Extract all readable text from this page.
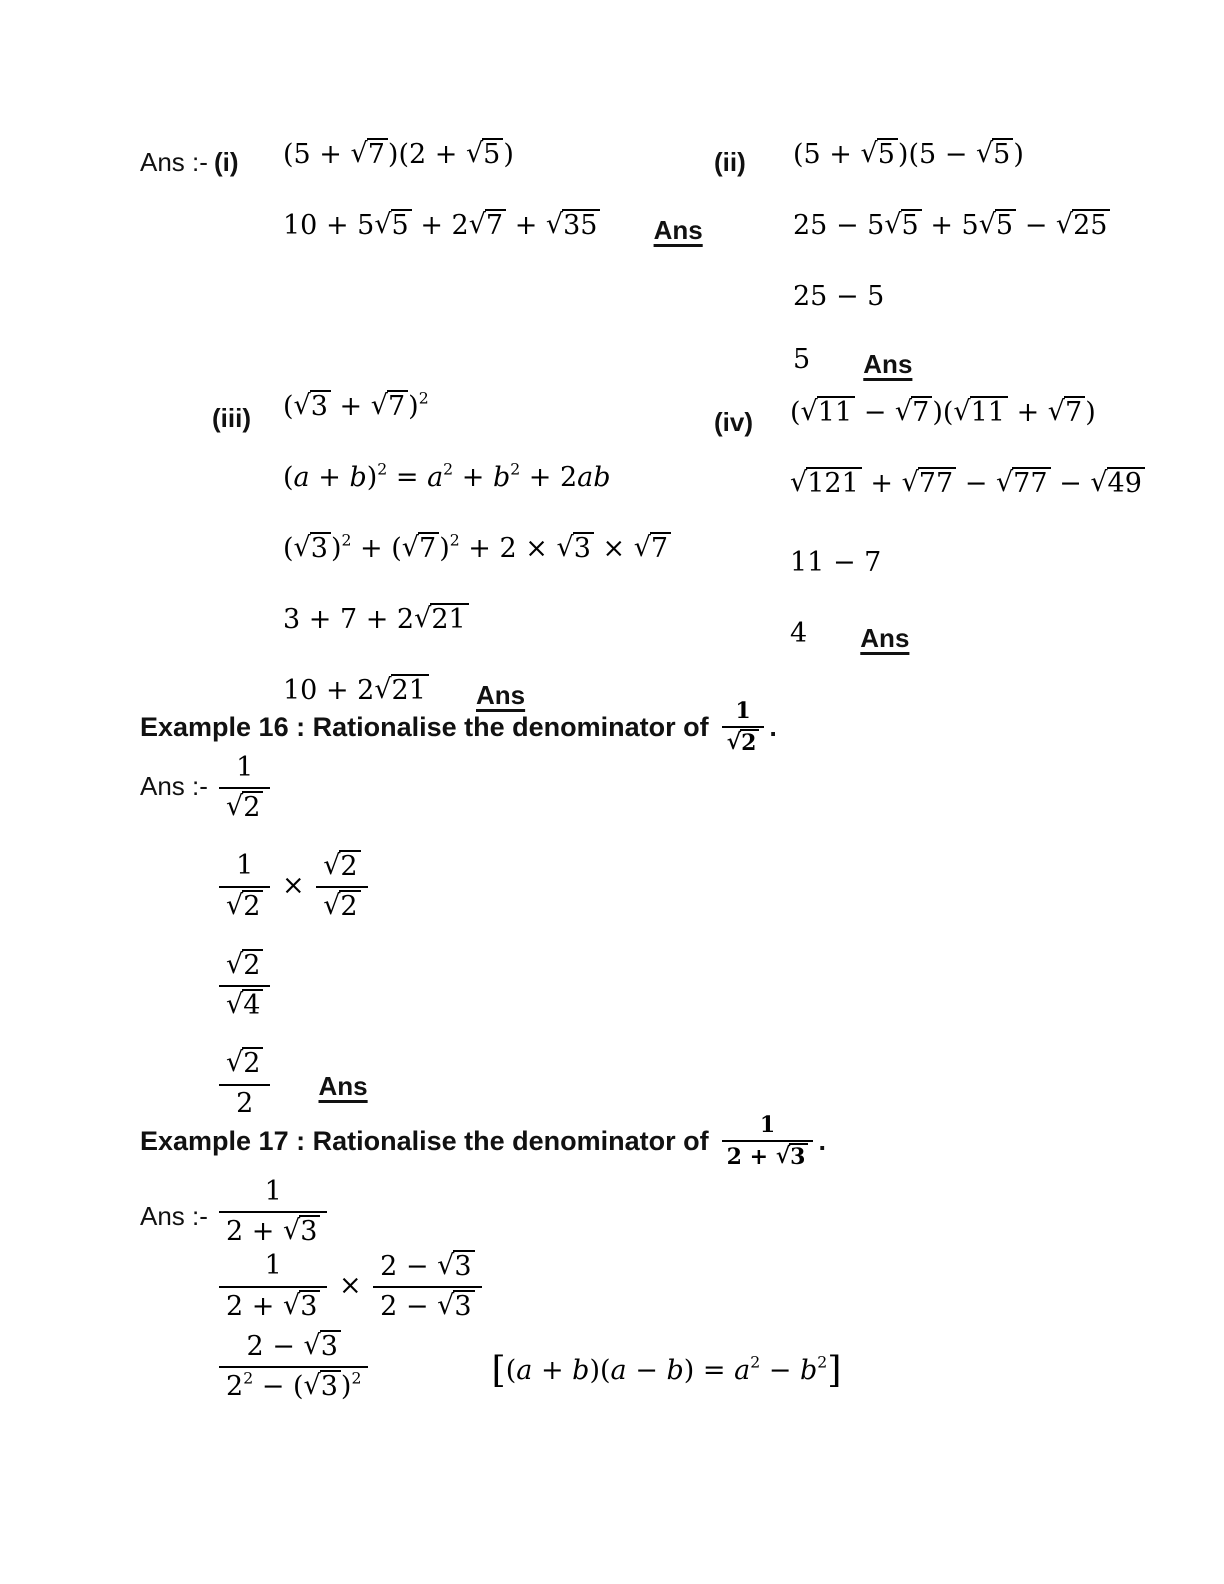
Ans :- (i) (5 + √7 )(2 + √5 )
10 + 5√5 + 2√7 + √35 Ans
(ii) (5 + √5 )(5 − √5 )
25 − 5√5 + 5√5 − √25
25 − 5
5 Ans
(iii) (√3 + √7 )$^2$
$(a + b)^2 = a^2 + b^2 + 2ab$
(√3 )$^2$ + (√7 )$^2$ + 2 × √3 × √7
3 + 7 + 2√21
10 + 2√21 Ans
(iv) (√11 − √7 )(√11 + √7 )
√121 + √77 − √77 − √49
11 − 7
4 Ans
Example 16 : Rationalise the denominator of $\frac{1}{√2}$ .
Ans :- $\frac{1}{√2}$
$\frac{1}{√2} \times \frac{√2}{√2}$
$\frac{√2}{√4}$
$\frac{√2}{2}$ Ans
Example 17 : Rationalise the denominator of $\frac{1}{2 + √3}$ .
Ans :- $\frac{1}{2 + √3}$
$\frac{1}{2 + √3} \times \frac{2 - √3}{2 - √3}$
$\frac{2 - √3}{2^2 - (√3 )^2}$	$[(a + b)(a - b) = a^2 - b^2]$
